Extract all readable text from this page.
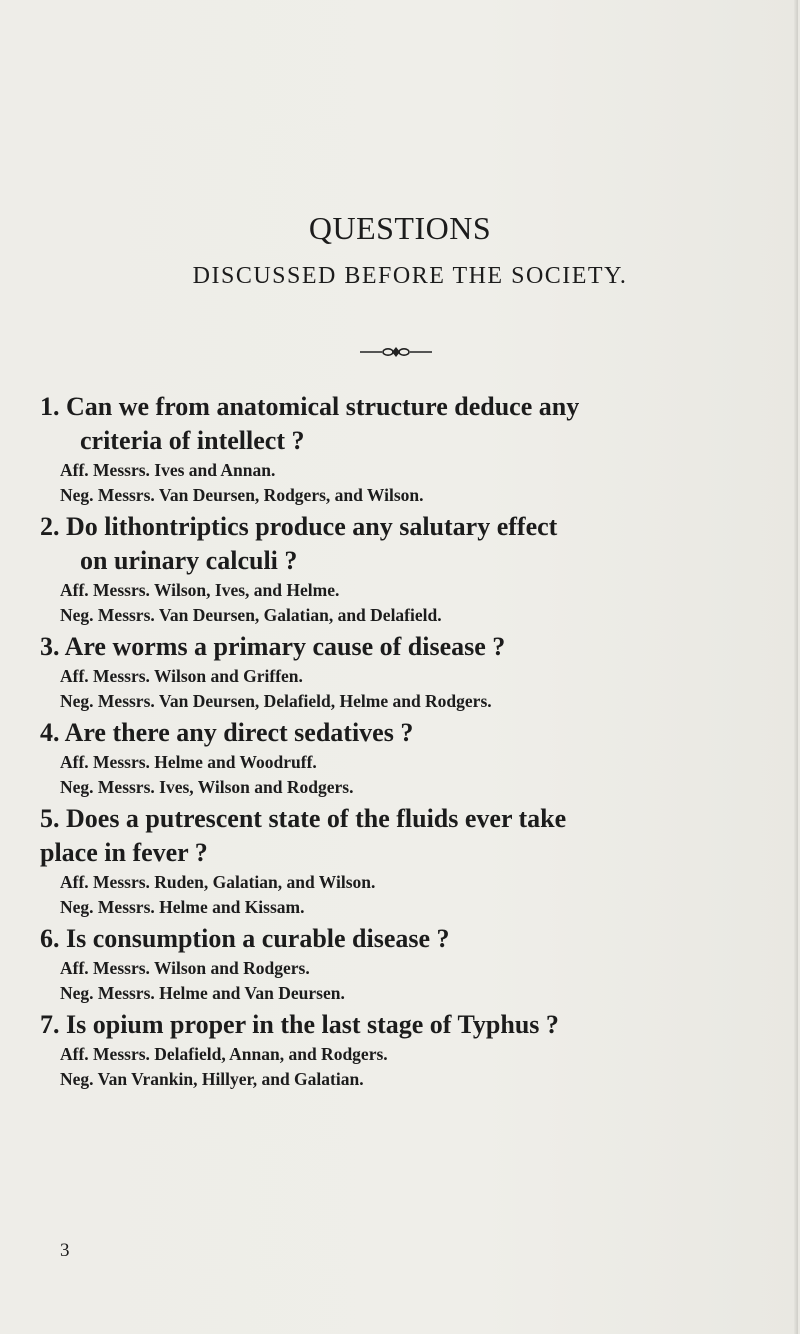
QUESTIONS
DISCUSSED BEFORE THE SOCIETY.

1. Can we from anatomical structure deduce any

criteria of intellect ?

Aff. Messrs. Ives and Annan.

Neg. Messrs. Van Deursen, Rodgers, and Wilson.

2. Do lithontriptics produce any salutary effect

on urinary calculi ?

Aff. Messrs. Wilson, Ives, and Helme.

Neg. Messrs. Van Deursen, Galatian, and Delafield.

3. Are worms a primary cause of disease ?

Aff. Messrs. Wilson and Griffen.

Neg. Messrs. Van Deursen, Delafield, Helme and Rodgers.

4. Are there any direct sedatives ?

Aff. Messrs. Helme and Woodruff.

Neg. Messrs. Ives, Wilson and Rodgers.

5. Does a putrescent state of the fluids ever take

place in fever ?

Aff. Messrs. Ruden, Galatian, and Wilson.

Neg. Messrs. Helme and Kissam.

6. Is consumption a curable disease ?

Aff. Messrs. Wilson and Rodgers.

Neg. Messrs. Helme and Van Deursen.

7. Is opium proper in the last stage of Typhus ?

Aff. Messrs. Delafield, Annan, and Rodgers.

Neg. Van Vrankin, Hillyer, and Galatian.

3
